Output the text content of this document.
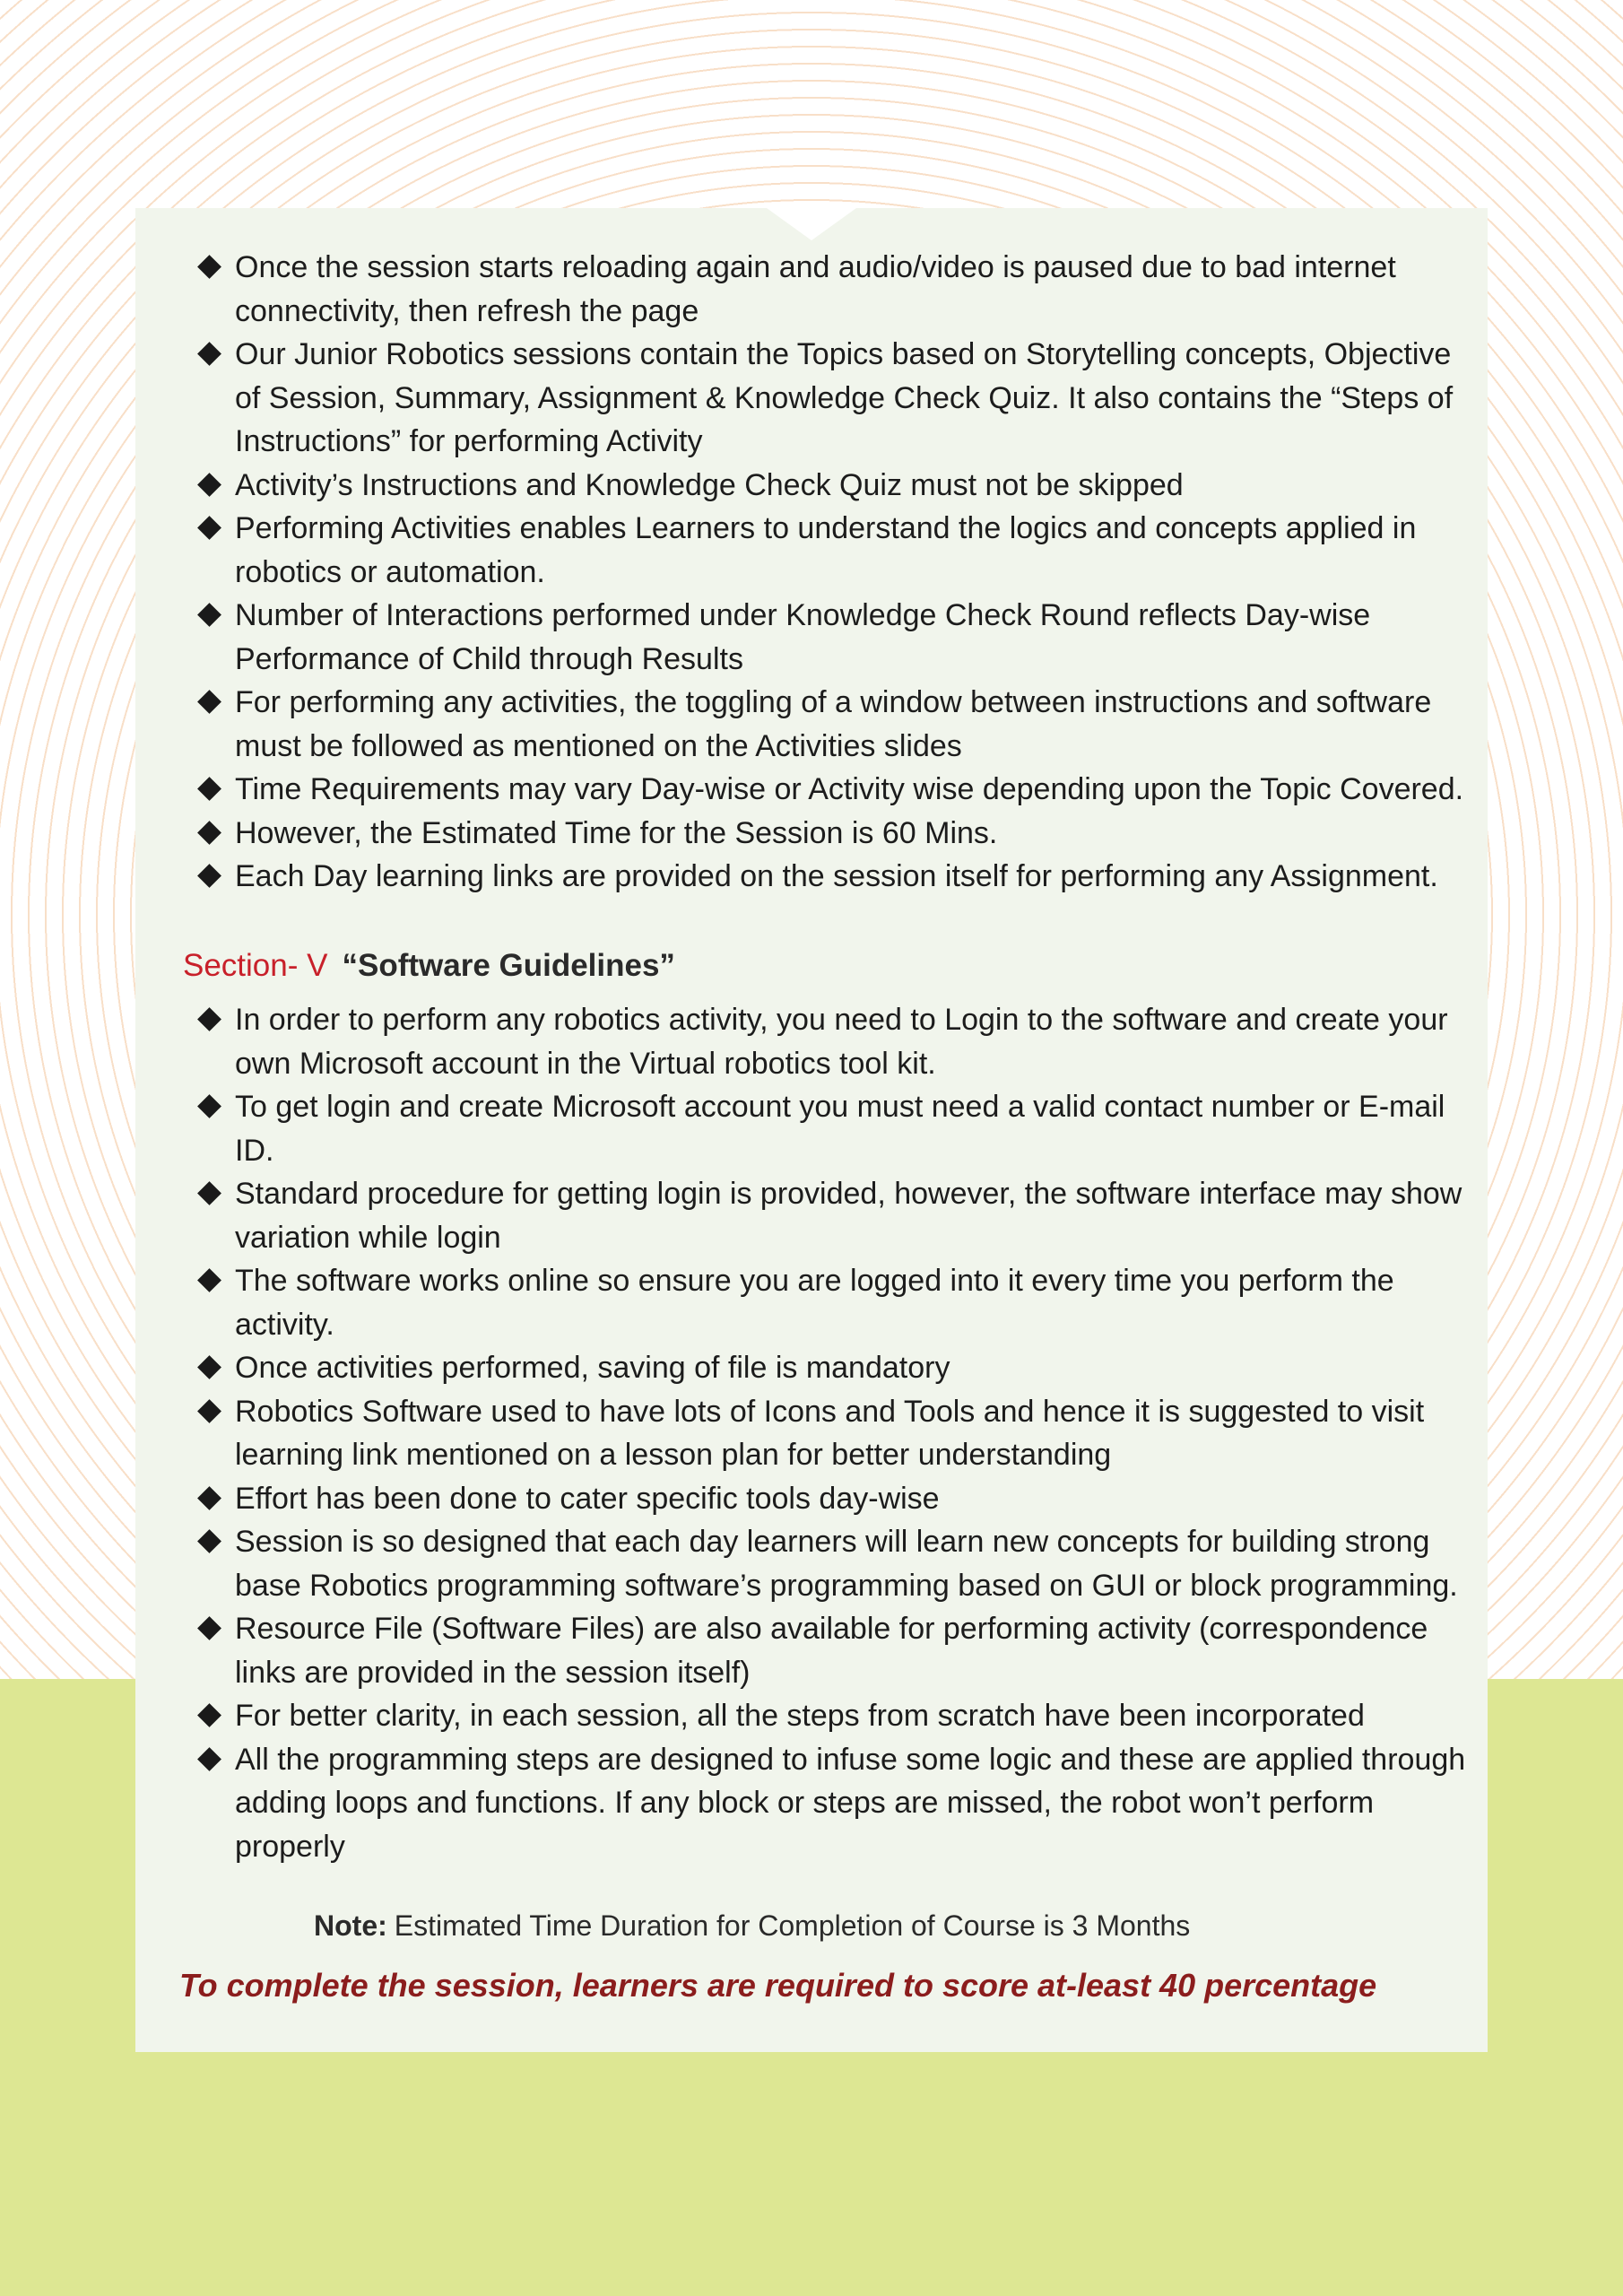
Once the session starts reloading again and audio/video is paused due to bad internet connectivity, then refresh the page
Our Junior Robotics sessions contain the Topics based on Storytelling concepts, Objective of Session, Summary, Assignment & Knowledge Check Quiz. It also contains the “Steps of Instructions” for performing Activity
Activity’s Instructions and Knowledge Check Quiz must not be skipped
Performing Activities enables Learners to understand the logics and concepts applied in robotics or automation.
Number of Interactions performed under Knowledge Check Round reflects Day-wise Performance of Child through Results
For performing any activities, the toggling of a window between instructions and software must be followed as mentioned on the Activities slides
Time Requirements may vary Day-wise or Activity wise depending upon the Topic Covered.
However, the Estimated Time for the Session is 60 Mins.
Each Day learning links are provided on the session itself for performing any Assignment.
Section- V “Software Guidelines”
In order to perform any robotics activity, you need to Login to the software and create your own Microsoft account in the Virtual robotics tool kit.
To get login and create Microsoft account you must need a valid contact number or E-mail ID.
Standard procedure for getting login is provided, however, the software interface may show variation while login
The software works online so ensure you are logged into it every time you perform the activity.
Once activities performed, saving of file is mandatory
Robotics Software used to have lots of Icons and Tools and hence it is suggested to visit learning link mentioned on a lesson plan for better understanding
Effort has been done to cater specific tools day-wise
Session is so designed that each day learners will learn new concepts for building strong base Robotics programming software’s programming based on GUI or block programming.
Resource File (Software Files) are also available for performing activity (correspondence links are provided in the session itself)
For better clarity, in each session, all the steps from scratch have been incorporated
All the programming steps are designed to infuse some logic and these are applied through adding loops and functions. If any block or steps are missed, the robot won’t perform properly
Note: Estimated Time Duration for Completion of Course is 3 Months
To complete the session, learners are required to score at-least 40 percentage
